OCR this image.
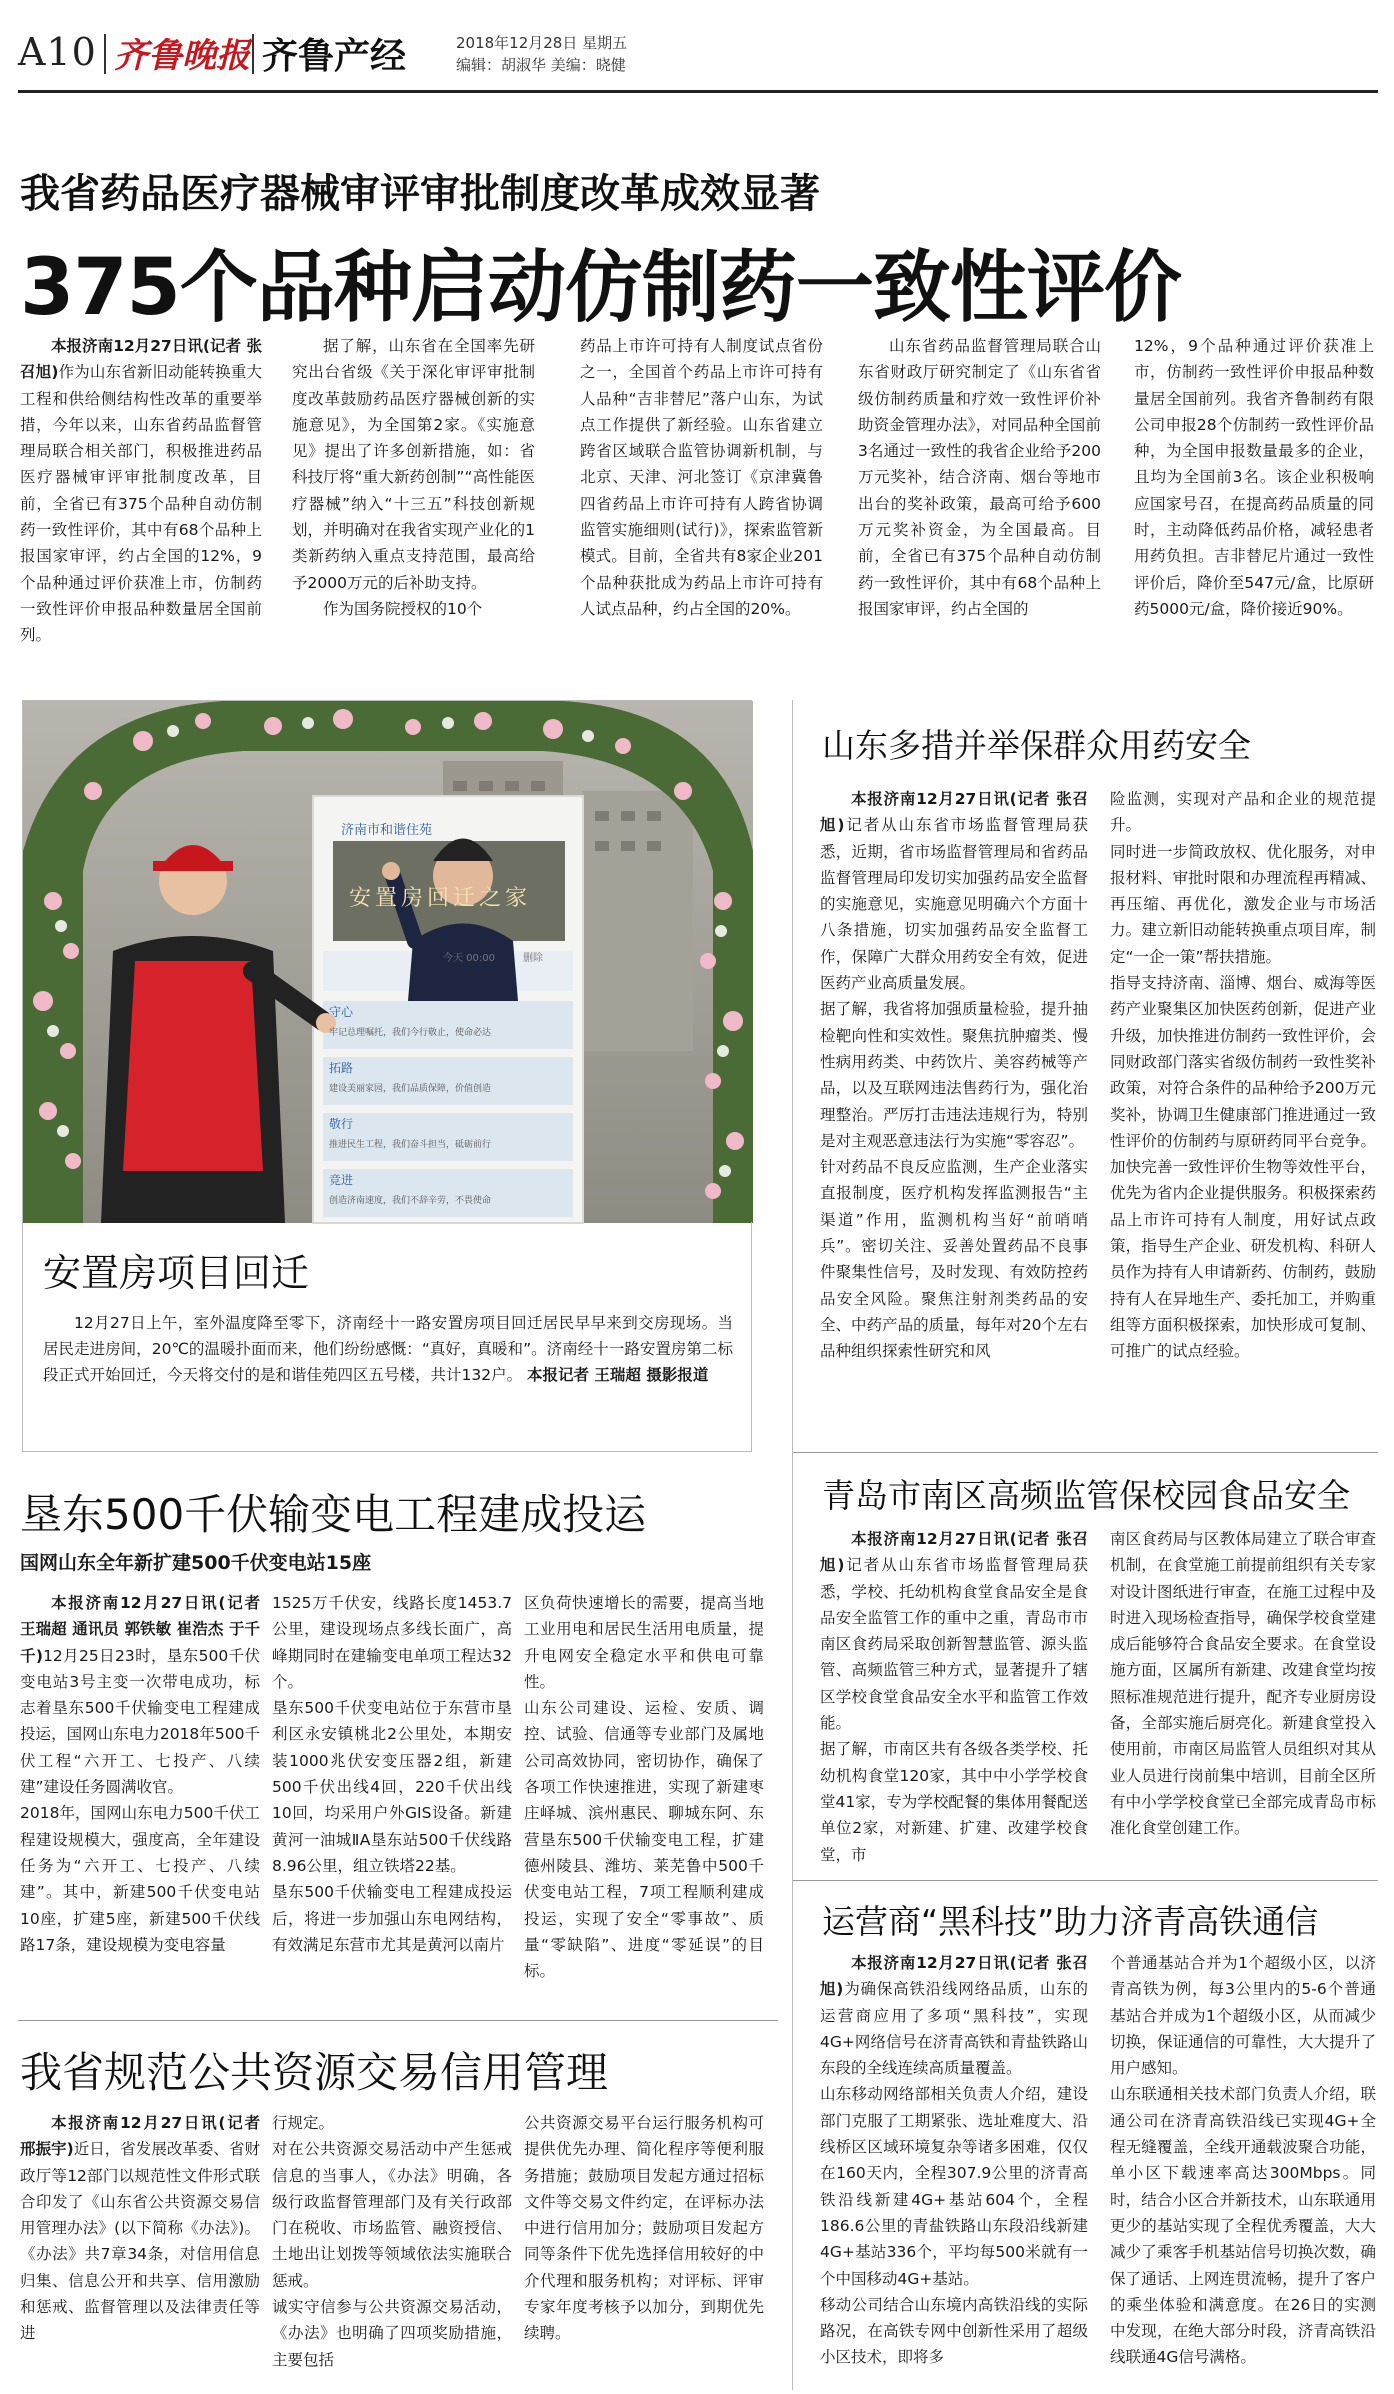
A10 齐鲁晚报 齐鲁产经	2018年12月28日 星期五
编辑：胡淑华 美编：晓健
我省药品医疗器械审评审批制度改革成效显著
375个品种启动仿制药一致性评价

本报济南12月27日讯(记者 张召旭)作为山东省新旧动能转换重大工程和供给侧结构性改革的重要举措，今年以来，山东省药品监督管理局联合相关部门，积极推进药品医疗器械审评审批制度改革，目前，全省已有375个品种自动仿制药一致性评价，其中有68个品种上报国家审评，约占全国的12%，9个品种通过评价获准上市，仿制药一致性评价申报品种数量居全国前列。

据了解，山东省在全国率先研究出台省级《关于深化审评审批制度改革鼓励药品医疗器械创新的实施意见》，为全国第2家。《实施意见》提出了许多创新措施，如：省科技厅将“重大新药创制”“高性能医疗器械”纳入“十三五”科技创新规划，并明确对在我省实现产业化的1类新药纳入重点支持范围，最高给予2000万元的后补助支持。

作为国务院授权的10个

药品上市许可持有人制度试点省份之一，全国首个药品上市许可持有人品种“吉非替尼”落户山东，为试点工作提供了新经验。山东省建立跨省区域联合监管协调新机制，与北京、天津、河北签订《京津冀鲁四省药品上市许可持有人跨省协调监管实施细则(试行)》，探索监管新模式。目前，全省共有8家企业201个品种获批成为药品上市许可持有人试点品种，约占全国的20%。

山东省药品监督管理局联合山东省财政厅研究制定了《山东省省级仿制药质量和疗效一致性评价补助资金管理办法》，对同品种全国前3名通过一致性的我省企业给予200万元奖补，结合济南、烟台等地市出台的奖补政策，最高可给予600万元奖补资金，为全国最高。目前，全省已有375个品种自动仿制药一致性评价，其中有68个品种上报国家审评，约占全国的

12%，9个品种通过评价获准上市，仿制药一致性评价申报品种数量居全国前列。我省齐鲁制药有限公司申报28个仿制药一致性评价品种，为全国申报数量最多的企业，且均为全国前3名。该企业积极响应国家号召，在提高药品质量的同时，主动降低药品价格，减轻患者用药负担。吉非替尼片通过一致性评价后，降价至547元/盒，比原研药5000元/盒，降价接近90%。

济南市和谐住苑
安置房回迁之家
今天 00:00	删除
守心
牢记总理嘱托，我们今行敬止，使命必达
拓路
建设美丽家园，我们品质保障，价值创造
敬行
推进民生工程，我们奋斗担当，砥砺前行
竞进
创造济南速度，我们不辞辛劳，不畏使命
安置房项目回迁

12月27日上午，室外温度降至零下，济南经十一路安置房项目回迁居民早早来到交房现场。当居民走进房间，20℃的温暖扑面而来，他们纷纷感慨：“真好，真暖和”。济南经十一路安置房第二标段正式开始回迁，今天将交付的是和谐佳苑四区五号楼，共计132户。 本报记者 王瑞超 摄影报道

山东多措并举保群众用药安全

本报济南12月27日讯(记者 张召旭)记者从山东省市场监督管理局获悉，近期，省市场监督管理局和省药品监督管理局印发切实加强药品安全监督的实施意见，实施意见明确六个方面十八条措施，切实加强药品安全监督工作，保障广大群众用药安全有效，促进医药产业高质量发展。
据了解，我省将加强质量检验，提升抽检靶向性和实效性。聚焦抗肿瘤类、慢性病用药类、中药饮片、美容药械等产品，以及互联网违法售药行为，强化治理整治。严厉打击违法违规行为，特别是对主观恶意违法行为实施“零容忍”。
针对药品不良反应监测，生产企业落实直报制度，医疗机构发挥监测报告“主渠道”作用，监测机构当好“前哨哨兵”。密切关注、妥善处置药品不良事件聚集性信号，及时发现、有效防控药品安全风险。聚焦注射剂类药品的安全、中药产品的质量，每年对20个左右品种组织探索性研究和风

险监测，实现对产品和企业的规范提升。
同时进一步简政放权、优化服务，对申报材料、审批时限和办理流程再精减、再压缩、再优化，激发企业与市场活力。建立新旧动能转换重点项目库，制定“一企一策”帮扶措施。
指导支持济南、淄博、烟台、威海等医药产业聚集区加快医药创新，促进产业升级，加快推进仿制药一致性评价，会同财政部门落实省级仿制药一致性奖补政策，对符合条件的品种给予200万元奖补，协调卫生健康部门推进通过一致性评价的仿制药与原研药同平台竞争。加快完善一致性评价生物等效性平台，优先为省内企业提供服务。积极探索药品上市许可持有人制度，用好试点政策，指导生产企业、研发机构、科研人员作为持有人申请新药、仿制药，鼓励持有人在异地生产、委托加工，并购重组等方面积极探索，加快形成可复制、可推广的试点经验。

青岛市南区高频监管保校园食品安全

本报济南12月27日讯(记者 张召旭)记者从山东省市场监督管理局获悉，学校、托幼机构食堂食品安全是食品安全监管工作的重中之重，青岛市市南区食药局采取创新智慧监管、源头监管、高频监管三种方式，显著提升了辖区学校食堂食品安全水平和监管工作效能。
据了解，市南区共有各级各类学校、托幼机构食堂120家，其中中小学学校食堂41家，专为学校配餐的集体用餐配送单位2家，对新建、扩建、改建学校食堂，市

南区食药局与区教体局建立了联合审查机制，在食堂施工前提前组织有关专家对设计图纸进行审查，在施工过程中及时进入现场检查指导，确保学校食堂建成后能够符合食品安全要求。在食堂设施方面，区属所有新建、改建食堂均按照标准规范进行提升，配齐专业厨房设备，全部实施后厨亮化。新建食堂投入使用前，市南区局监管人员组织对其从业人员进行岗前集中培训，目前全区所有中小学学校食堂已全部完成青岛市标准化食堂创建工作。

运营商“黑科技”助力济青高铁通信

本报济南12月27日讯(记者 张召旭)为确保高铁沿线网络品质，山东的运营商应用了多项“黑科技”，实现4G+网络信号在济青高铁和青盐铁路山东段的全线连续高质量覆盖。
山东移动网络部相关负责人介绍，建设部门克服了工期紧张、选址难度大、沿线桥区区域环境复杂等诸多困难，仅仅在160天内，全程307.9公里的济青高铁沿线新建4G+基站604个，全程186.6公里的青盐铁路山东段沿线新建4G+基站336个，平均每500米就有一个中国移动4G+基站。
移动公司结合山东境内高铁沿线的实际路况，在高铁专网中创新性采用了超级小区技术，即将多

个普通基站合并为1个超级小区，以济青高铁为例，每3公里内的5-6个普通基站合并成为1个超级小区，从而减少切换，保证通信的可靠性，大大提升了用户感知。
山东联通相关技术部门负责人介绍，联通公司在济青高铁沿线已实现4G+全程无缝覆盖，全线开通载波聚合功能，单小区下载速率高达300Mbps。同时，结合小区合并新技术，山东联通用更少的基站实现了全程优秀覆盖，大大减少了乘客手机基站信号切换次数，确保了通话、上网连贯流畅，提升了客户的乘坐体验和满意度。在26日的实测中发现，在绝大部分时段，济青高铁沿线联通4G信号满格。

垦东500千伏输变电工程建成投运
国网山东全年新扩建500千伏变电站15座

本报济南12月27日讯(记者 王瑞超 通讯员 郭铁敏 崔浩杰 于千千)12月25日23时，垦东500千伏变电站3号主变一次带电成功，标志着垦东500千伏输变电工程建成投运，国网山东电力2018年500千伏工程“六开工、七投产、八续建”建设任务圆满收官。
2018年，国网山东电力500千伏工程建设规模大，强度高，全年建设任务为“六开工、七投产、八续建”。其中，新建500千伏变电站10座，扩建5座，新建500千伏线路17条，建设规模为变电容量

1525万千伏安，线路长度1453.7公里，建设现场点多线长面广，高峰期同时在建输变电单项工程达32个。
垦东500千伏变电站位于东营市垦利区永安镇桃北2公里处，本期安装1000兆伏安变压器2组，新建500千伏出线4回，220千伏出线10回，均采用户外GIS设备。新建黄河一油城ⅡA垦东站500千伏线路8.96公里，组立铁塔22基。
垦东500千伏输变电工程建成投运后，将进一步加强山东电网结构，有效满足东营市尤其是黄河以南片

区负荷快速增长的需要，提高当地工业用电和居民生活用电质量，提升电网安全稳定水平和供电可靠性。
山东公司建设、运检、安质、调控、试验、信通等专业部门及属地公司高效协同，密切协作，确保了各项工作快速推进，实现了新建枣庄峄城、滨州惠民、聊城东阿、东营垦东500千伏输变电工程，扩建德州陵县、潍坊、莱芜鲁中500千伏变电站工程，7项工程顺利建成投运，实现了安全“零事故”、质量“零缺陷”、进度“零延误”的目标。

我省规范公共资源交易信用管理

本报济南12月27日讯(记者 邢振宇)近日，省发展改革委、省财政厅等12部门以规范性文件形式联合印发了《山东省公共资源交易信用管理办法》(以下简称《办法》)。《办法》共7章34条，对信用信息归集、信息公开和共享、信用激励和惩戒、监督管理以及法律责任等进

行规定。
对在公共资源交易活动中产生惩戒信息的当事人，《办法》明确，各级行政监督管理部门及有关行政部门在税收、市场监管、融资授信、土地出让划拨等领域依法实施联合惩戒。
诚实守信参与公共资源交易活动，《办法》也明确了四项奖励措施，主要包括

公共资源交易平台运行服务机构可提供优先办理、简化程序等便利服务措施；鼓励项目发起方通过招标文件等交易文件约定，在评标办法中进行信用加分；鼓励项目发起方同等条件下优先选择信用较好的中介代理和服务机构；对评标、评审专家年度考核予以加分，到期优先续聘。
